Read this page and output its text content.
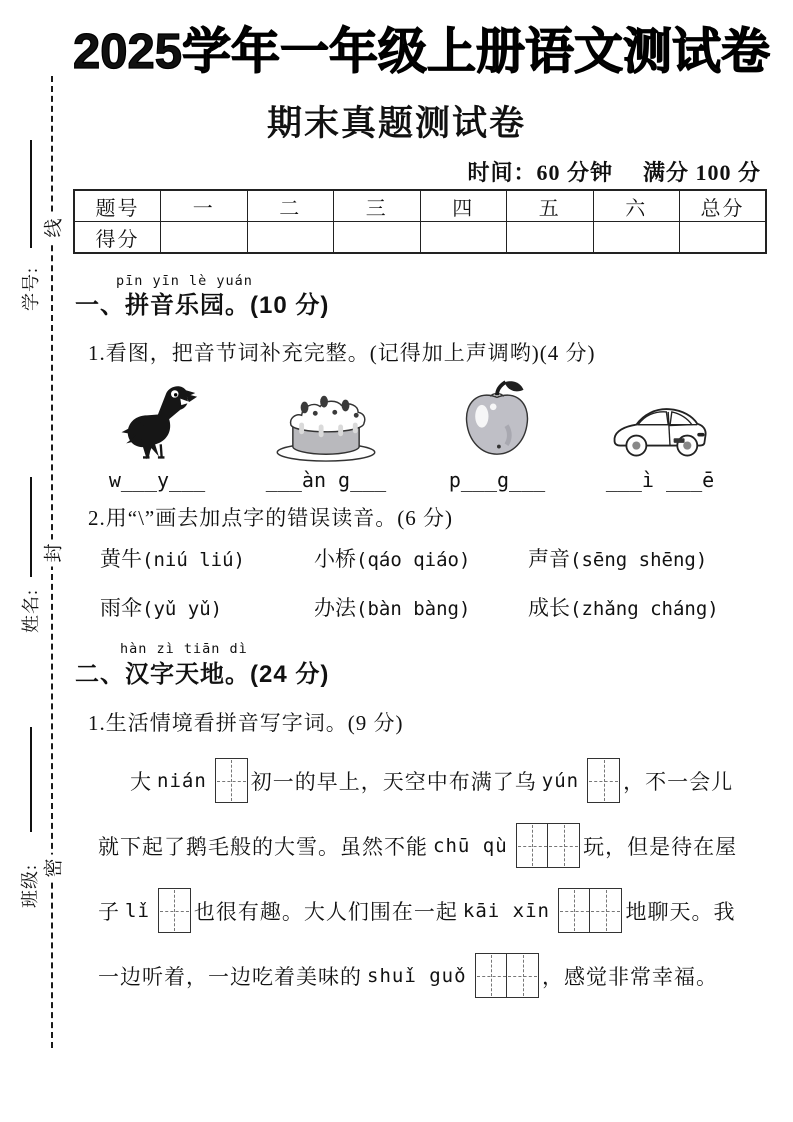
线
封
密
学号:
姓名:
班级:
2025学年一年级上册语文测试卷
期末真题测试卷
时间：60 分钟 满分 100 分
题号	一	二	三	四	五	六	总分
得分							
pīn yīn lè yuán
一、拼音乐园。(10 分)
1.看图，把音节词补充完整。(记得加上声调哟)(4 分)
w___y___	___àn g___	p___g___	___ì ___ē
2.用“\”画去加点字的错误读音。(6 分)
黄牛(niú liú)	小桥(qáo qiáo)	声音(sēng shēng)
雨伞(yǔ yǔ)	办法(bàn bàng)	成长(zhǎng cháng)
hàn zì tiān dì
二、汉字天地。(24 分)
1.生活情境看拼音写字词。(9 分)
大 nián 初一的早上，天空中布满了乌 yún ，不一会儿
就下起了鹅毛般的大雪。虽然不能 chū qù	玩，但是待在屋
子 lǐ 也很有趣。大人们围在一起 kāi xīn	地聊天。我
一边听着，一边吃着美味的 shuǐ guǒ	，感觉非常幸福。
